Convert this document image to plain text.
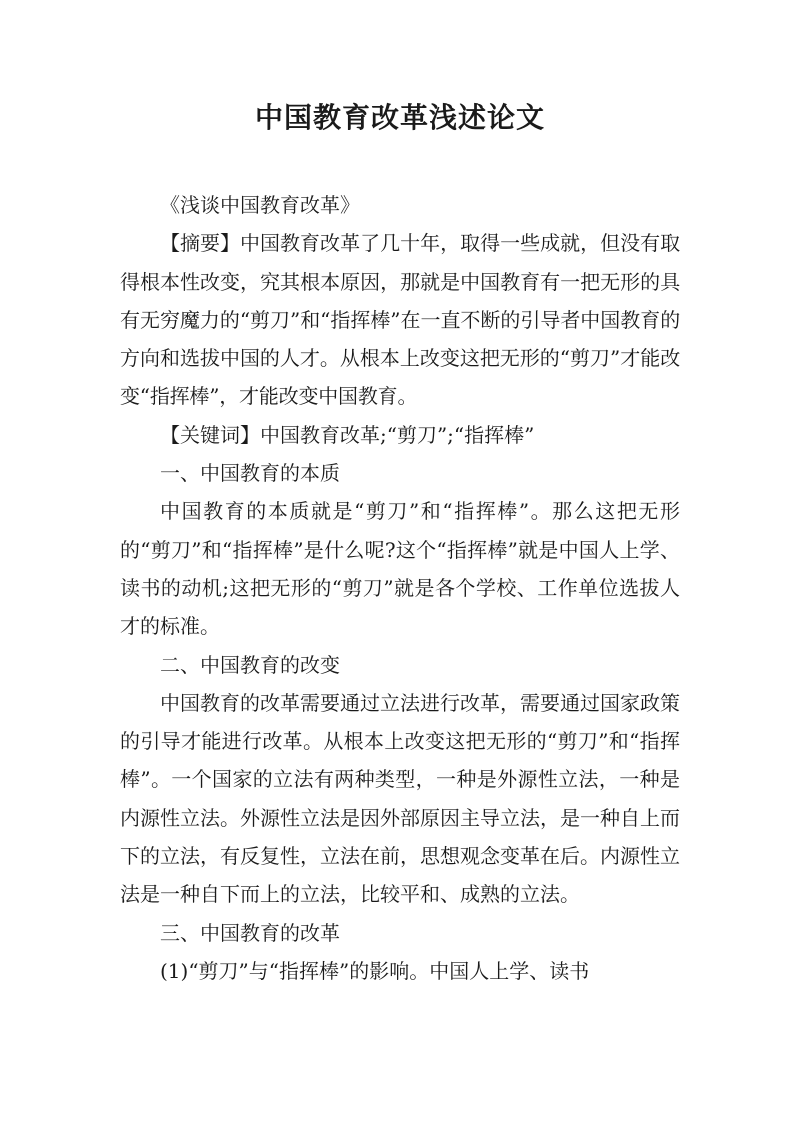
中国教育改革浅述论文

《浅谈中国教育改革》

【摘要】中国教育改革了几十年，取得一些成就，但没有取得根本性改变，究其根本原因，那就是中国教育有一把无形的具有无穷魔力的“剪刀”和“指挥棒”在一直不断的引导者中国教育的方向和选拔中国的人才。从根本上改变这把无形的“剪刀”才能改变“指挥棒”，才能改变中国教育。

【关键词】中国教育改革;“剪刀”;“指挥棒”

一、中国教育的本质

中国教育的本质就是“剪刀”和“指挥棒”。那么这把无形的“剪刀”和“指挥棒”是什么呢?这个“指挥棒”就是中国人上学、读书的动机;这把无形的“剪刀”就是各个学校、工作单位选拔人才的标准。

二、中国教育的改变

中国教育的改革需要通过立法进行改革，需要通过国家政策的引导才能进行改革。从根本上改变这把无形的“剪刀”和“指挥棒”。一个国家的立法有两种类型，一种是外源性立法，一种是内源性立法。外源性立法是因外部原因主导立法，是一种自上而下的立法，有反复性，立法在前，思想观念变革在后。内源性立法是一种自下而上的立法，比较平和、成熟的立法。

三、中国教育的改革

(1)“剪刀”与“指挥棒”的影响。中国人上学、读书
